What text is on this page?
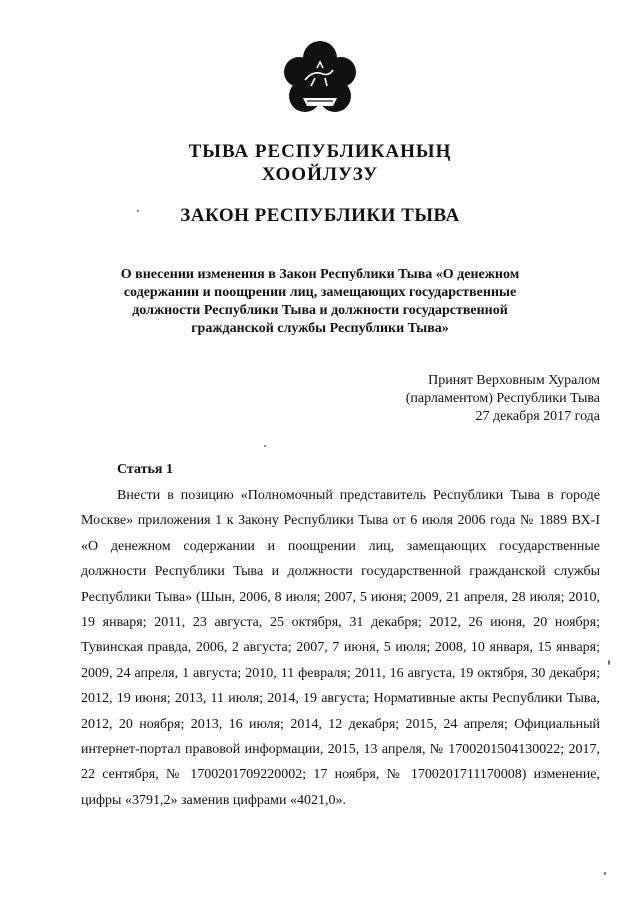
ТЫВА РЕСПУБЛИКАНЫҢ
ХООЙЛУЗУ
ЗАКОН РЕСПУБЛИКИ ТЫВА
О внесении изменения в Закон Республики Тыва «О денежном содержании и поощрении лиц, замещающих государственные должности Республики Тыва и должности государственной гражданской службы Республики Тыва»
Принят Верховным Хуралом
(парламентом) Республики Тыва
27 декабря 2017 года
Статья 1

Внести в позицию «Полномочный представитель Республики Тыва в городе Москве» приложения 1 к Закону Республики Тыва от 6 июля 2006 года № 1889 ВХ-I «О денежном содержании и поощрении лиц, замещающих государственные должности Республики Тыва и должности государственной гражданской службы Республики Тыва» (Шын, 2006, 8 июля; 2007, 5 июня; 2009, 21 апреля, 28 июля; 2010, 19 января; 2011, 23 августа, 25 октября, 31 декабря; 2012, 26 июня, 20 ноября; Тувинская правда, 2006, 2 августа; 2007, 7 июня, 5 июля; 2008, 10 января, 15 января; 2009, 24 апреля, 1 августа; 2010, 11 февраля; 2011, 16 августа, 19 октября, 30 декабря; 2012, 19 июня; 2013, 11 июля; 2014, 19 августа; Нормативные акты Республики Тыва, 2012, 20 ноября; 2013, 16 июля; 2014, 12 декабря; 2015, 24 апреля; Официальный интернет-портал правовой информации, 2015, 13 апреля, № 1700201504130022; 2017, 22 сентября, № 1700201709220002; 17 ноября, № 1700201711170008) изменение, цифры «3791,2» заменив цифрами «4021,0».
